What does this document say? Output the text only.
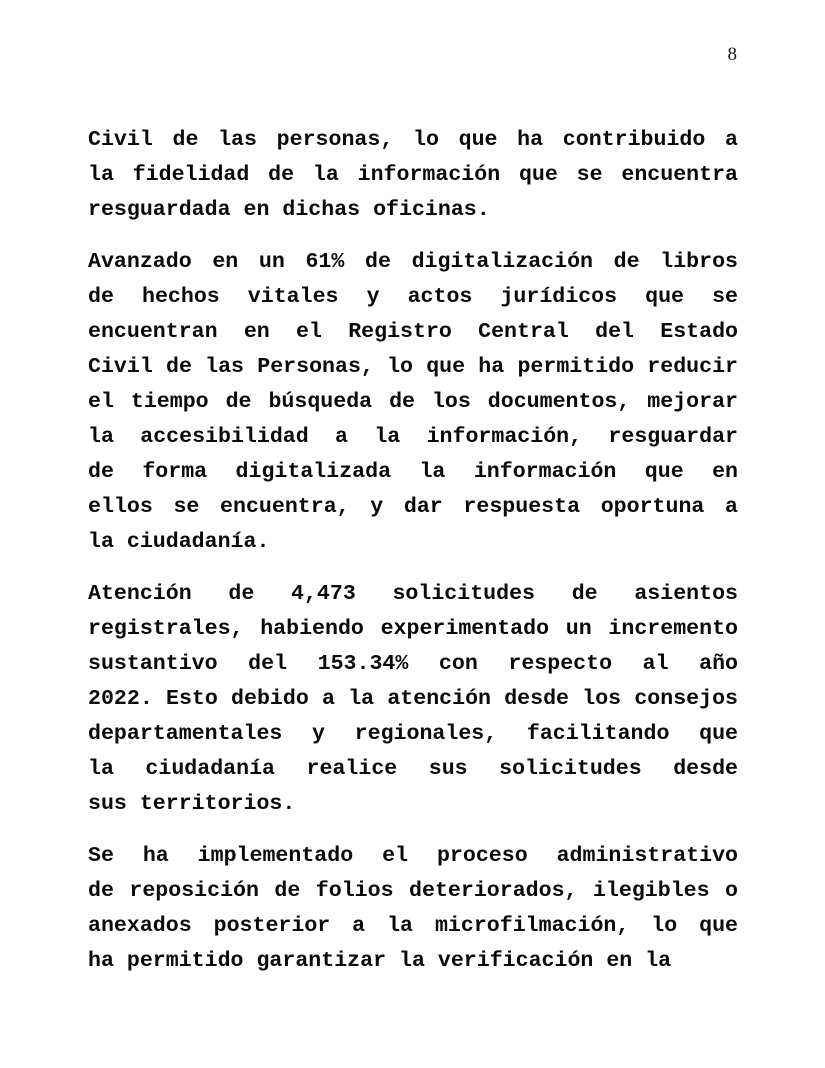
8
Civil de las personas, lo que ha contribuido a
la fidelidad de la información que se encuentra
resguardada en dichas oficinas.
Avanzado en un 61% de digitalización de libros
de hechos vitales y actos jurídicos que se
encuentran en el Registro Central del Estado
Civil de las Personas, lo que ha permitido reducir
el tiempo de búsqueda de los documentos, mejorar
la accesibilidad a la información, resguardar
de forma digitalizada la información que en
ellos se encuentra, y dar respuesta oportuna a
la ciudadanía.
Atención de 4,473 solicitudes de asientos
registrales, habiendo experimentado un incremento
sustantivo del 153.34% con respecto al año
2022. Esto debido a la atención desde los consejos
departamentales y regionales, facilitando que
la ciudadanía realice sus solicitudes desde
sus territorios.
Se ha implementado el proceso administrativo
de reposición de folios deteriorados, ilegibles o
anexados posterior a la microfilmación, lo que
ha permitido garantizar la verificación en la
